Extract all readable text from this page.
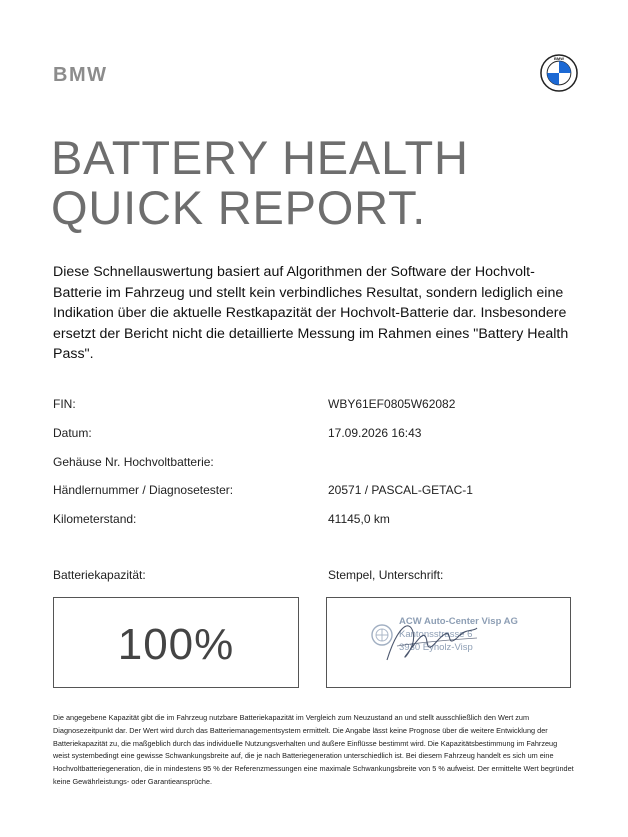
BMW
BMW
BATTERY HEALTH
QUICK REPORT.
Diese Schnellauswertung basiert auf Algorithmen der Software der Hochvolt-Batterie im Fahrzeug und stellt kein verbindliches Resultat, sondern lediglich eine Indikation über die aktuelle Restkapazität der Hochvolt-Batterie dar. Insbesondere ersetzt der Bericht nicht die detaillierte Messung im Rahmen eines "Battery Health Pass".
FIN:	WBY61EF0805W62082
Datum:	17.09.2026 16:43
Gehäuse Nr. Hochvoltbatterie:
Händlernummer / Diagnosetester:	20571 / PASCAL-GETAC-1
Kilometerstand:	41145,0 km
Batteriekapazität:	Stempel, Unterschrift:
100%	ACW Auto-Center Visp AG
Kantonsstrasse 6
3930 Eyholz-Visp
Die angegebene Kapazität gibt die im Fahrzeug nutzbare Batteriekapazität im Vergleich zum Neuzustand an und stellt ausschließlich den Wert zum Diagnosezeitpunkt dar. Der Wert wird durch das Batteriemanagementsystem ermittelt. Die Angabe lässt keine Prognose über die weitere Entwicklung der Batteriekapazität zu, die maßgeblich durch das individuelle Nutzungsverhalten und äußere Einflüsse bestimmt wird. Die Kapazitätsbestimmung im Fahrzeug weist systembedingt eine gewisse Schwankungsbreite auf, die je nach Batteriegeneration unterschiedlich ist. Bei diesem Fahrzeug handelt es sich um eine Hochvoltbatteriegeneration, die in mindestens 95 % der Referenzmessungen eine maximale Schwankungsbreite von 5 % aufweist. Der ermittelte Wert begründet keine Gewährleistungs- oder Garantieansprüche.
